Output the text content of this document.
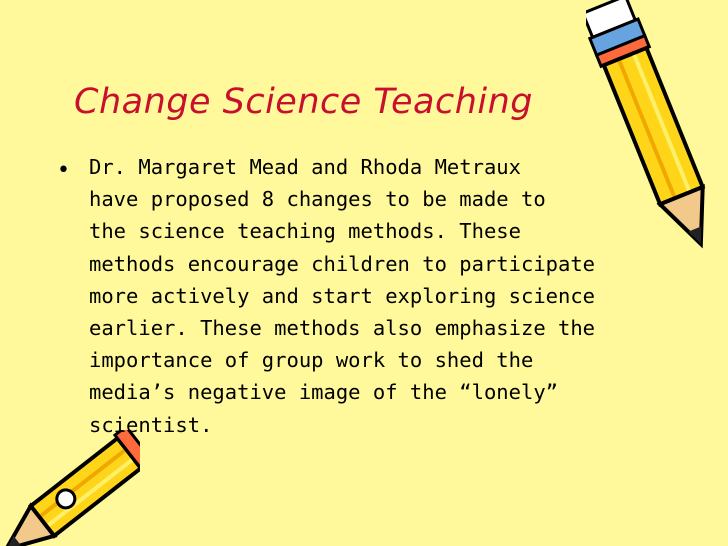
Change Science Teaching
• Dr. Margaret Mead and Rhoda Metraux
have proposed 8 changes to be made to
the science teaching methods. These
methods encourage children to participate
more actively and start exploring science
earlier. These methods also emphasize the
importance of group work to shed the
media’s negative image of the “lonely”
scientist.
